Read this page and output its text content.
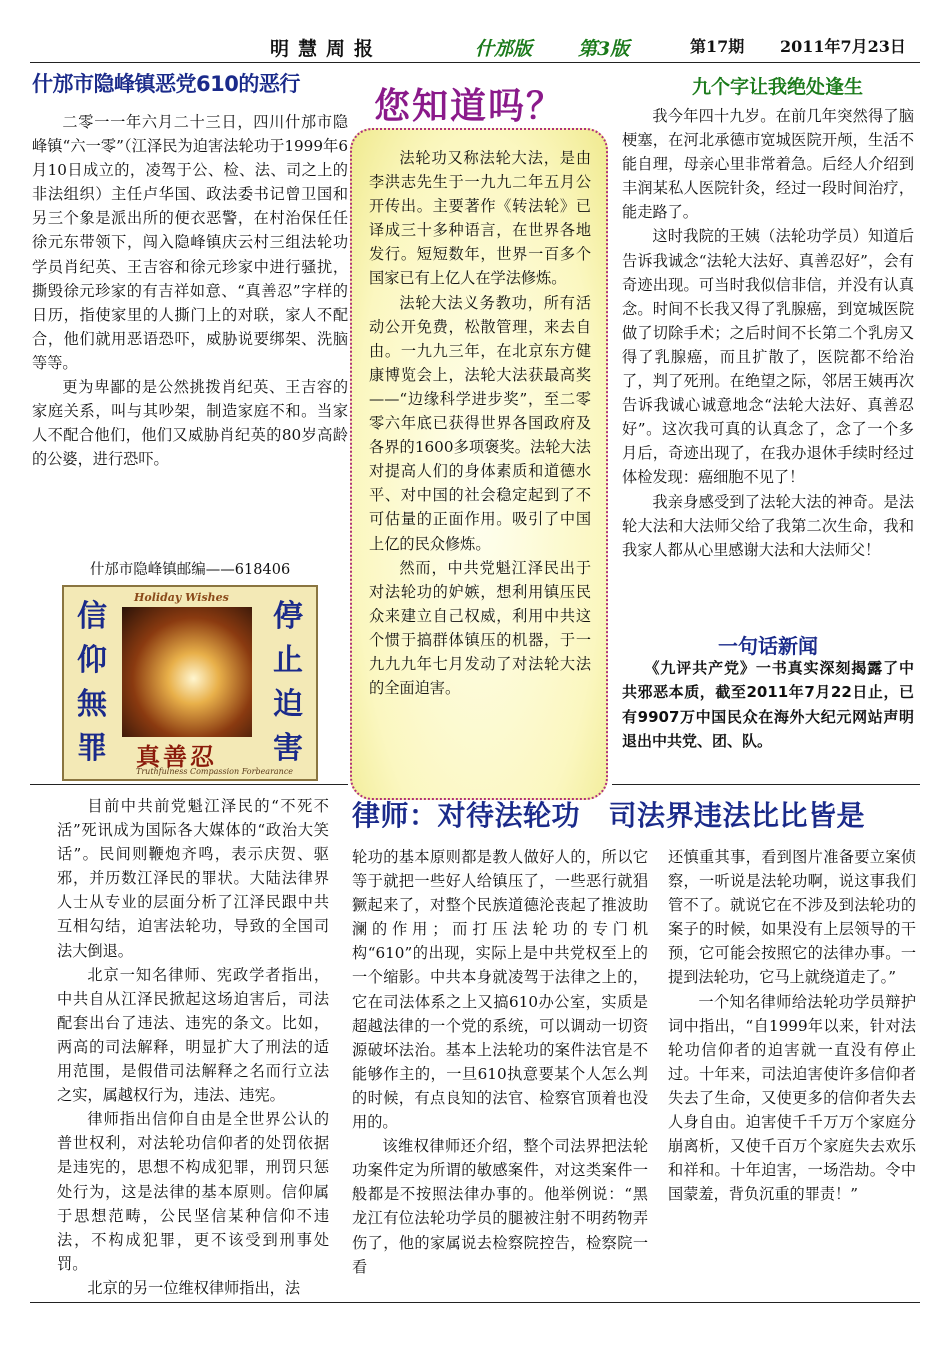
明慧周报	什邡版 第3版	第17期 2011年7月23日
什邡市隐峰镇恶党610的恶行

二零一一年六月二十三日，四川什邡市隐峰镇“六一零”（江泽民为迫害法轮功于1999年6月10日成立的，凌驾于公、检、法、司之上的非法组织）主任卢华国、政法委书记曾卫国和另三个象是派出所的便衣恶警，在村治保任任徐元东带领下，闯入隐峰镇庆云村三组法轮功学员肖纪英、王吉容和徐元珍家中进行骚扰，撕毁徐元珍家的有吉祥如意、“真善忍”字样的日历，指使家里的人撕门上的对联，家人不配合，他们就用恶语恐吓，威胁说要绑架、洗脑等等。

更为卑鄙的是公然挑拨肖纪英、王吉容的家庭关系，叫与其吵架，制造家庭不和。当家人不配合他们，他们又威胁肖纪英的80岁高龄的公婆，进行恐吓。

什邡市隐峰镇邮编——618406
信仰無罪
停止迫害
Holiday Wishes
真善忍
Truthfulness Compassion Forbearance
您知道吗？

法轮功又称法轮大法，是由李洪志先生于一九九二年五月公开传出。主要著作《转法轮》已译成三十多种语言，在世界各地发行。短短数年，世界一百多个国家已有上亿人在学法修炼。

法轮大法义务教功，所有活动公开免费，松散管理，来去自由。一九九三年，在北京东方健康博览会上，法轮大法获最高奖——“边缘科学进步奖”，至二零零六年底已获得世界各国政府及各界的1600多项褒奖。法轮大法对提高人们的身体素质和道德水平、对中国的社会稳定起到了不可估量的正面作用。吸引了中国上亿的民众修炼。

然而，中共党魁江泽民出于对法轮功的妒嫉，想利用镇压民众来建立自己权威，利用中共这个惯于搞群体镇压的机器，于一九九九年七月发动了对法轮大法的全面迫害。

九个字让我绝处逢生

我今年四十九岁。在前几年突然得了脑梗塞，在河北承德市宽城医院开颅，生活不能自理，母亲心里非常着急。后经人介绍到丰润某私人医院针灸，经过一段时间治疗，能走路了。

这时我院的王姨（法轮功学员）知道后告诉我诚念“法轮大法好、真善忍好”，会有奇迹出现。可当时我似信非信，并没有认真念。时间不长我又得了乳腺癌，到宽城医院做了切除手术；之后时间不长第二个乳房又得了乳腺癌，而且扩散了，医院都不给治了，判了死刑。在绝望之际，邻居王姨再次告诉我诚心诚意地念“法轮大法好、真善忍好”。这次我可真的认真念了，念了一个多月后，奇迹出现了，在我办退休手续时经过体检发现：癌细胞不见了！

我亲身感受到了法轮大法的神奇。是法轮大法和大法师父给了我第二次生命，我和我家人都从心里感谢大法和大法师父！

一句话新闻

《九评共产党》一书真实深刻揭露了中共邪恶本质，截至2011年7月22日止，已有9907万中国民众在海外大纪元网站声明退出中共党、团、队。

律师：对待法轮功　司法界违法比比皆是

目前中共前党魁江泽民的“不死不活”死讯成为国际各大媒体的“政治大笑话”。民间则鞭炮齐鸣，表示庆贺、驱邪，并历数江泽民的罪状。大陆法律界人士从专业的层面分析了江泽民跟中共互相勾结，迫害法轮功，导致的全国司法大倒退。

北京一知名律师、宪政学者指出，中共自从江泽民掀起这场迫害后，司法配套出台了违法、违宪的条文。比如，两高的司法解释，明显扩大了刑法的适用范围，是假借司法解释之名而行立法之实，属越权行为，违法、违宪。

律师指出信仰自由是全世界公认的普世权利，对法轮功信仰者的处罚依据是违宪的，思想不构成犯罪，刑罚只惩处行为，这是法律的基本原则。信仰属于思想范畴，公民坚信某种信仰不违法，不构成犯罪，更不该受到刑事处罚。

北京的另一位维权律师指出，法

轮功的基本原则都是教人做好人的，所以它等于就把一些好人给镇压了，一些恶行就猖獗起来了，对整个民族道德沦丧起了推波助澜的作用；而打压法轮功的专门机构“610”的出现，实际上是中共党权至上的一个缩影。中共本身就凌驾于法律之上的，它在司法体系之上又搞610办公室，实质是超越法律的一个党的系统，可以调动一切资源破坏法治。基本上法轮功的案件法官是不能够作主的，一旦610执意要某个人怎么判的时候，有点良知的法官、检察官顶着也没用的。

该维权律师还介绍，整个司法界把法轮功案件定为所谓的敏感案件，对这类案件一般都是不按照法律办事的。他举例说：“黑龙江有位法轮功学员的腿被注射不明药物弄伤了，他的家属说去检察院控告，检察院一看

还慎重其事，看到图片准备要立案侦察，一听说是法轮功啊，说这事我们管不了。就说它在不涉及到法轮功的案子的时候，如果没有上层领导的干预，它可能会按照它的法律办事。一提到法轮功，它马上就绕道走了。”

一个知名律师给法轮功学员辩护词中指出，“自1999年以来，针对法轮功信仰者的迫害就一直没有停止过。十年来，司法迫害使许多信仰者失去了生命，又使更多的信仰者失去人身自由。迫害使千千万万个家庭分崩离析，又使千百万个家庭失去欢乐和祥和。十年迫害，一场浩劫。令中国蒙羞，背负沉重的罪责！”
